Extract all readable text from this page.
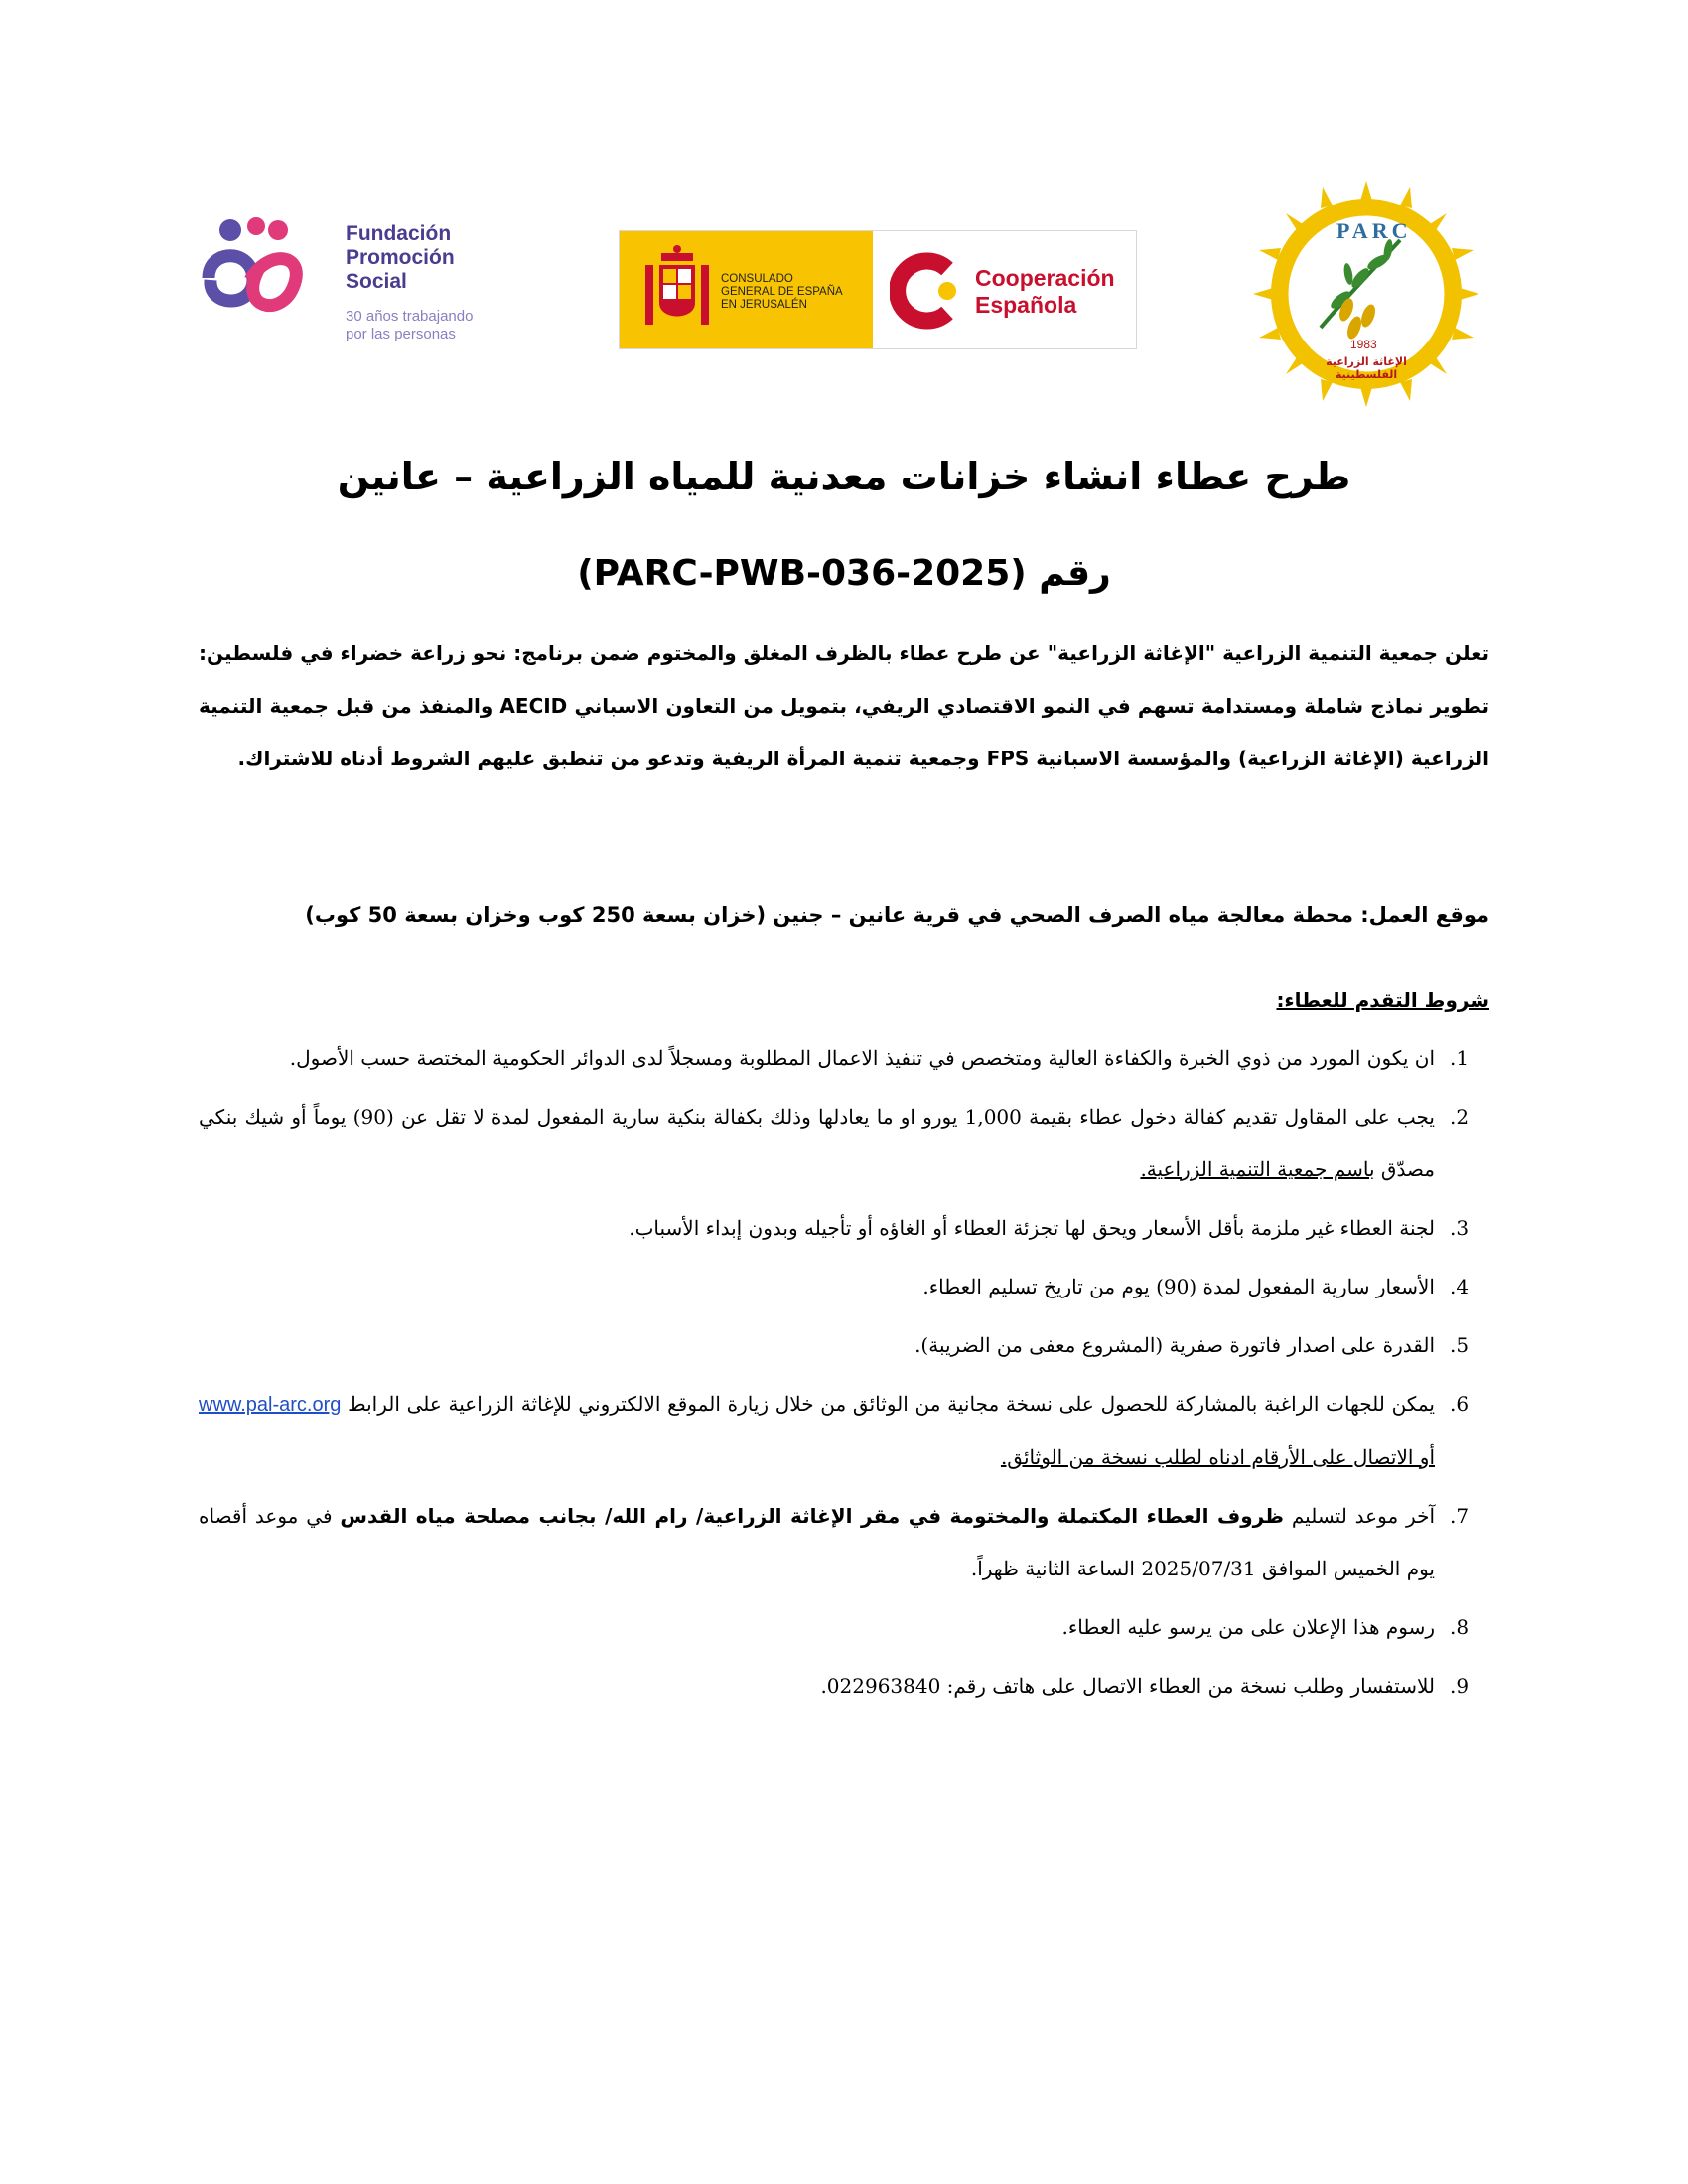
Fundación
Promoción
Social
30 años trabajando
por las personas
CONSULADO
GENERAL DE ESPAÑA
EN JERUSALÉN
Cooperación
Española
PARC
1983
الإغاثة الزراعية الفلسطينية
طرح عطاء انشاء خزانات معدنية للمياه الزراعية – عانين
رقم (PARC-PWB-036-2025)
تعلن جمعية التنمية الزراعية "الإغاثة الزراعية" عن طرح عطاء بالظرف المغلق والمختوم ضمن برنامج: نحو زراعة خضراء في فلسطين: تطوير نماذج شاملة ومستدامة تسهم في النمو الاقتصادي الريفي، بتمويل من التعاون الاسباني AECID والمنفذ من قبل جمعية التنمية الزراعية (الإغاثة الزراعية) والمؤسسة الاسبانية FPS وجمعية تنمية المرأة الريفية وتدعو من تنطبق عليهم الشروط أدناه للاشتراك.
موقع العمل: محطة معالجة مياه الصرف الصحي في قرية عانين – جنين (خزان بسعة 250 كوب وخزان بسعة 50 كوب)
شروط التقدم للعطاء:
1.
ان يكون المورد من ذوي الخبرة والكفاءة العالية ومتخصص في تنفيذ الاعمال المطلوبة ومسجلاً لدى الدوائر الحكومية المختصة حسب الأصول.
2.
يجب على المقاول تقديم كفالة دخول عطاء بقيمة 1,000 يورو او ما يعادلها وذلك بكفالة بنكية سارية المفعول لمدة لا تقل عن (90) يوماً أو شيك بنكي مصدّق باسم جمعية التنمية الزراعية.
3.
لجنة العطاء غير ملزمة بأقل الأسعار ويحق لها تجزئة العطاء أو الغاؤه أو تأجيله وبدون إبداء الأسباب.
4.
الأسعار سارية المفعول لمدة (90) يوم من تاريخ تسليم العطاء.
5.
القدرة على اصدار فاتورة صفرية (المشروع معفى من الضريبة).
6.
يمكن للجهات الراغبة بالمشاركة للحصول على نسخة مجانية من الوثائق من خلال زيارة الموقع الالكتروني للإغاثة الزراعية على الرابط www.pal-arc.org أو الاتصال على الأرقام ادناه لطلب نسخة من الوثائق.
7.
آخر موعد لتسليم ظروف العطاء المكتملة والمختومة في مقر الإغاثة الزراعية/ رام الله/ بجانب مصلحة مياه القدس في موعد أقصاه يوم الخميس الموافق 2025/07/31 الساعة الثانية ظهراً.
8.
رسوم هذا الإعلان على من يرسو عليه العطاء.
9.
للاستفسار وطلب نسخة من العطاء الاتصال على هاتف رقم: 022963840.
